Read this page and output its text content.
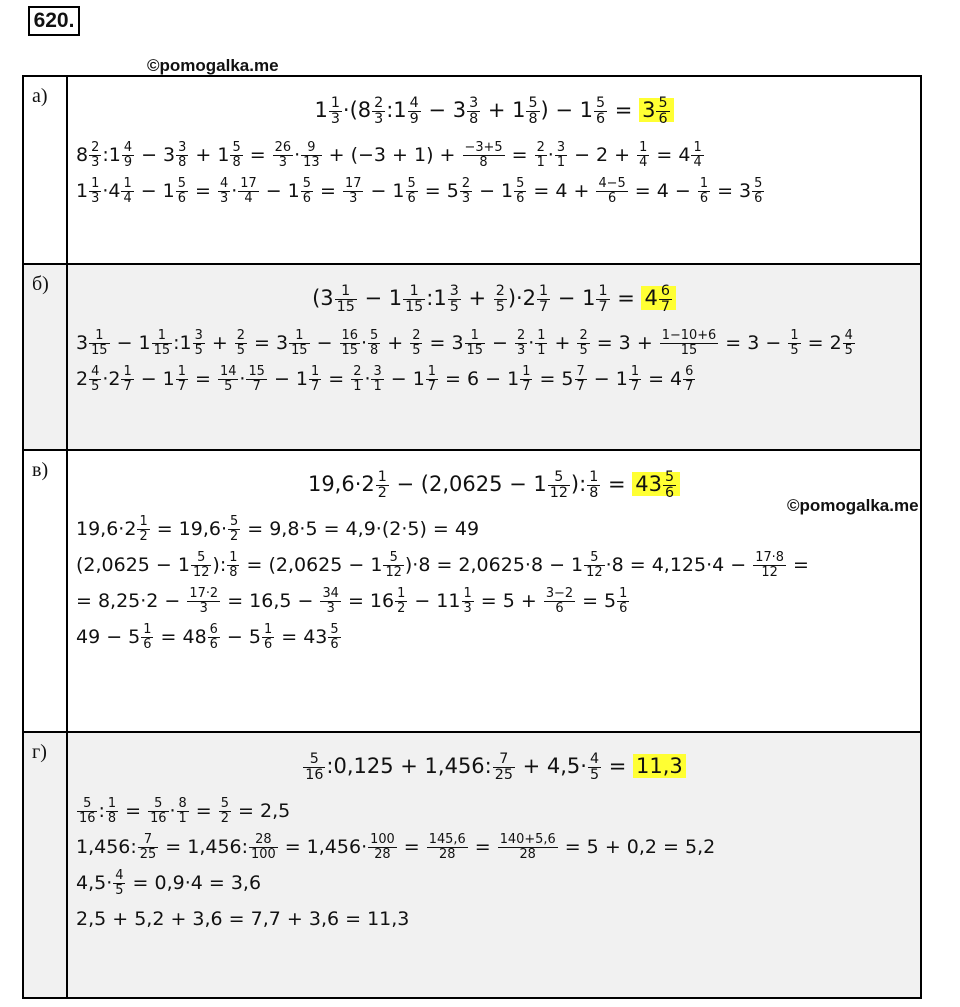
620.
©pomogalka.me
©pomogalka.me
а)
$1 \frac{1}{3} \cdot(8 \frac{2}{3}$ :1 $\frac{4}{9} - 3 \frac{3}{8} + 1 \frac{5}{8}$ ) − $1 \frac{5}{6} = 3 \frac{5}{6}$
$8 \frac{2}{3}$ :1 $\frac{4}{9} - 3 \frac{3}{8} + 1 \frac{5}{8} = \frac{26}{3} \cdot \frac{9}{13} + (-3 + 1) + \frac{-3+5}{8} = \frac{2}{1} \cdot \frac{3}{1} - 2 + \frac{1}{4} = 4 \frac{1}{4}$
$1 \frac{1}{3} \cdot 4 \frac{1}{4} - 1 \frac{5}{6} = \frac{4}{3} \cdot \frac{17}{4} - 1 \frac{5}{6} = \frac{17}{3} - 1 \frac{5}{6} = 5 \frac{2}{3} - 1 \frac{5}{6} = 4 + \frac{4-5}{6} = 4 - \frac{1}{6} = 3 \frac{5}{6}$
б)
($3 \frac{1}{15} - 1 \frac{1}{15}$ :1 $\frac{3}{5} + \frac{2}{5} )\cdot 2 \frac{1}{7} - 1 \frac{1}{7} = 4 \frac{6}{7}$
$3 \frac{1}{15} - 1 \frac{1}{15}$ :1 $\frac{3}{5} + \frac{2}{5} = 3 \frac{1}{15} - \frac{16}{15} \cdot \frac{5}{8} + \frac{2}{5} = 3 \frac{1}{15} - \frac{2}{3} \cdot \frac{1}{1} + \frac{2}{5} = 3 + \frac{1-10+6}{15} = 3 - \frac{1}{5} = 2 \frac{4}{5}$
$2 \frac{4}{5} \cdot 2 \frac{1}{7} - 1 \frac{1}{7} = \frac{14}{5} \cdot \frac{15}{7} - 1 \frac{1}{7} = \frac{2}{1} \cdot \frac{3}{1} - 1 \frac{1}{7} = 6 - 1 \frac{1}{7} = 5 \frac{7}{7} - 1 \frac{1}{7} = 4 \frac{6}{7}$
в)
$19,6\cdot 2 \frac{1}{2} - (2,0625 - 1 \frac{5}{12}$ ): $\frac{1}{8} = 43 \frac{5}{6}$
$19,6\cdot 2 \frac{1}{2} = 19,6\cdot \frac{5}{2} = 9,8\cdot 5 = 4,9\cdot(2\cdot 5) = 49$
($2,0625 - 1 \frac{5}{12}$ ): $\frac{1}{8} = (2,0625 - 1 \frac{5}{12} )\cdot 8 = 2,0625\cdot 8 - 1 \frac{5}{12} \cdot 8 = 4,125\cdot 4 - \frac{17\cdot 8}{12}$ =
= $8,25\cdot 2 - \frac{17\cdot 2}{3} = 16,5 - \frac{34}{3} = 16 \frac{1}{2} - 11 \frac{1}{3} = 5 + \frac{3-2}{6} = 5 \frac{1}{6}$
$49 - 5 \frac{1}{6} = 48 \frac{6}{6} - 5 \frac{1}{6} = 43 \frac{5}{6}$
г)	$\frac{5}{16}$ :0,125 + 1,456: $\frac{7}{25} + 4,5\cdot \frac{4}{5} = 11,3$
$\frac{5}{16}$ : $\frac{1}{8} = \frac{5}{16} \cdot \frac{8}{1} = \frac{5}{2} = 2,5$
1,456: $\frac{7}{25} = 1,456$: $\frac{28}{100} = 1,456\cdot \frac{100}{28} = \frac{145,6}{28} = \frac{140+5,6}{28} = 5 + 0,2 = 5,2$
$4,5\cdot \frac{4}{5} = 0,9\cdot 4 = 3,6$
2,5 + 5,2 + 3,6 = 7,7 + 3,6 = 11,3
